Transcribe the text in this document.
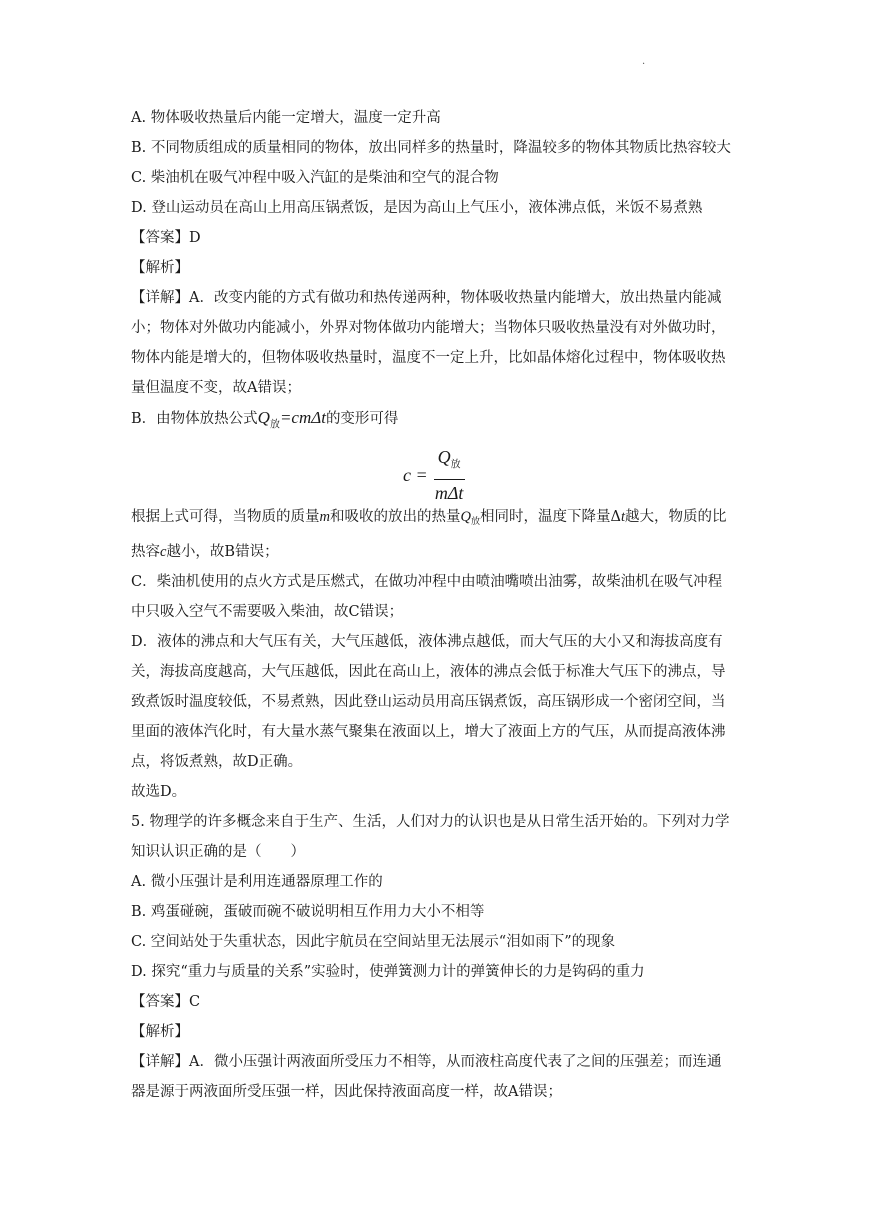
.

A. 物体吸收热量后内能一定增大，温度一定升高

B. 不同物质组成的质量相同的物体，放出同样多的热量时，降温较多的物体其物质比热容较大

C. 柴油机在吸气冲程中吸入汽缸的是柴油和空气的混合物

D. 登山运动员在高山上用高压锅煮饭，是因为高山上气压小，液体沸点低，米饭不易煮熟

【答案】D

【解析】

【详解】A．改变内能的方式有做功和热传递两种，物体吸收热量内能增大，放出热量内能减小；物体对外做功内能减小，外界对物体做功内能增大；当物体只吸收热量没有对外做功时，物体内能是增大的，但物体吸收热量时，温度不一定上升，比如晶体熔化过程中，物体吸收热量但温度不变，故A错误；

B．由物体放热公式$Q_放=cm\Delta t$的变形可得

$c = \frac{Q_放}{\text{mΔt}}$

根据上式可得，当物质的质量m和吸收的放出的热量$Q_放$相同时，温度下降量Δt越大，物质的比热容c越小，故B错误；

C．柴油机使用的点火方式是压燃式，在做功冲程中由喷油嘴喷出油雾，故柴油机在吸气冲程中只吸入空气不需要吸入柴油，故C错误；

D．液体的沸点和大气压有关，大气压越低，液体沸点越低，而大气压的大小又和海拔高度有关，海拔高度越高，大气压越低，因此在高山上，液体的沸点会低于标准大气压下的沸点，导致煮饭时温度较低，不易煮熟，因此登山运动员用高压锅煮饭，高压锅形成一个密闭空间，当里面的液体汽化时，有大量水蒸气聚集在液面以上，增大了液面上方的气压，从而提高液体沸点，将饭煮熟，故D正确。

故选D。

5. 物理学的许多概念来自于生产、生活，人们对力的认识也是从日常生活开始的。下列对力学知识认识正确的是（　　）

A. 微小压强计是利用连通器原理工作的

B. 鸡蛋碰碗，蛋破而碗不破说明相互作用力大小不相等

C. 空间站处于失重状态，因此宇航员在空间站里无法展示“泪如雨下”的现象

D. 探究“重力与质量的关系”实验时，使弹簧测力计的弹簧伸长的力是钩码的重力

【答案】C

【解析】

【详解】A．微小压强计两液面所受压力不相等，从而液柱高度代表了之间的压强差；而连通器是源于两液面所受压强一样，因此保持液面高度一样，故A错误；
